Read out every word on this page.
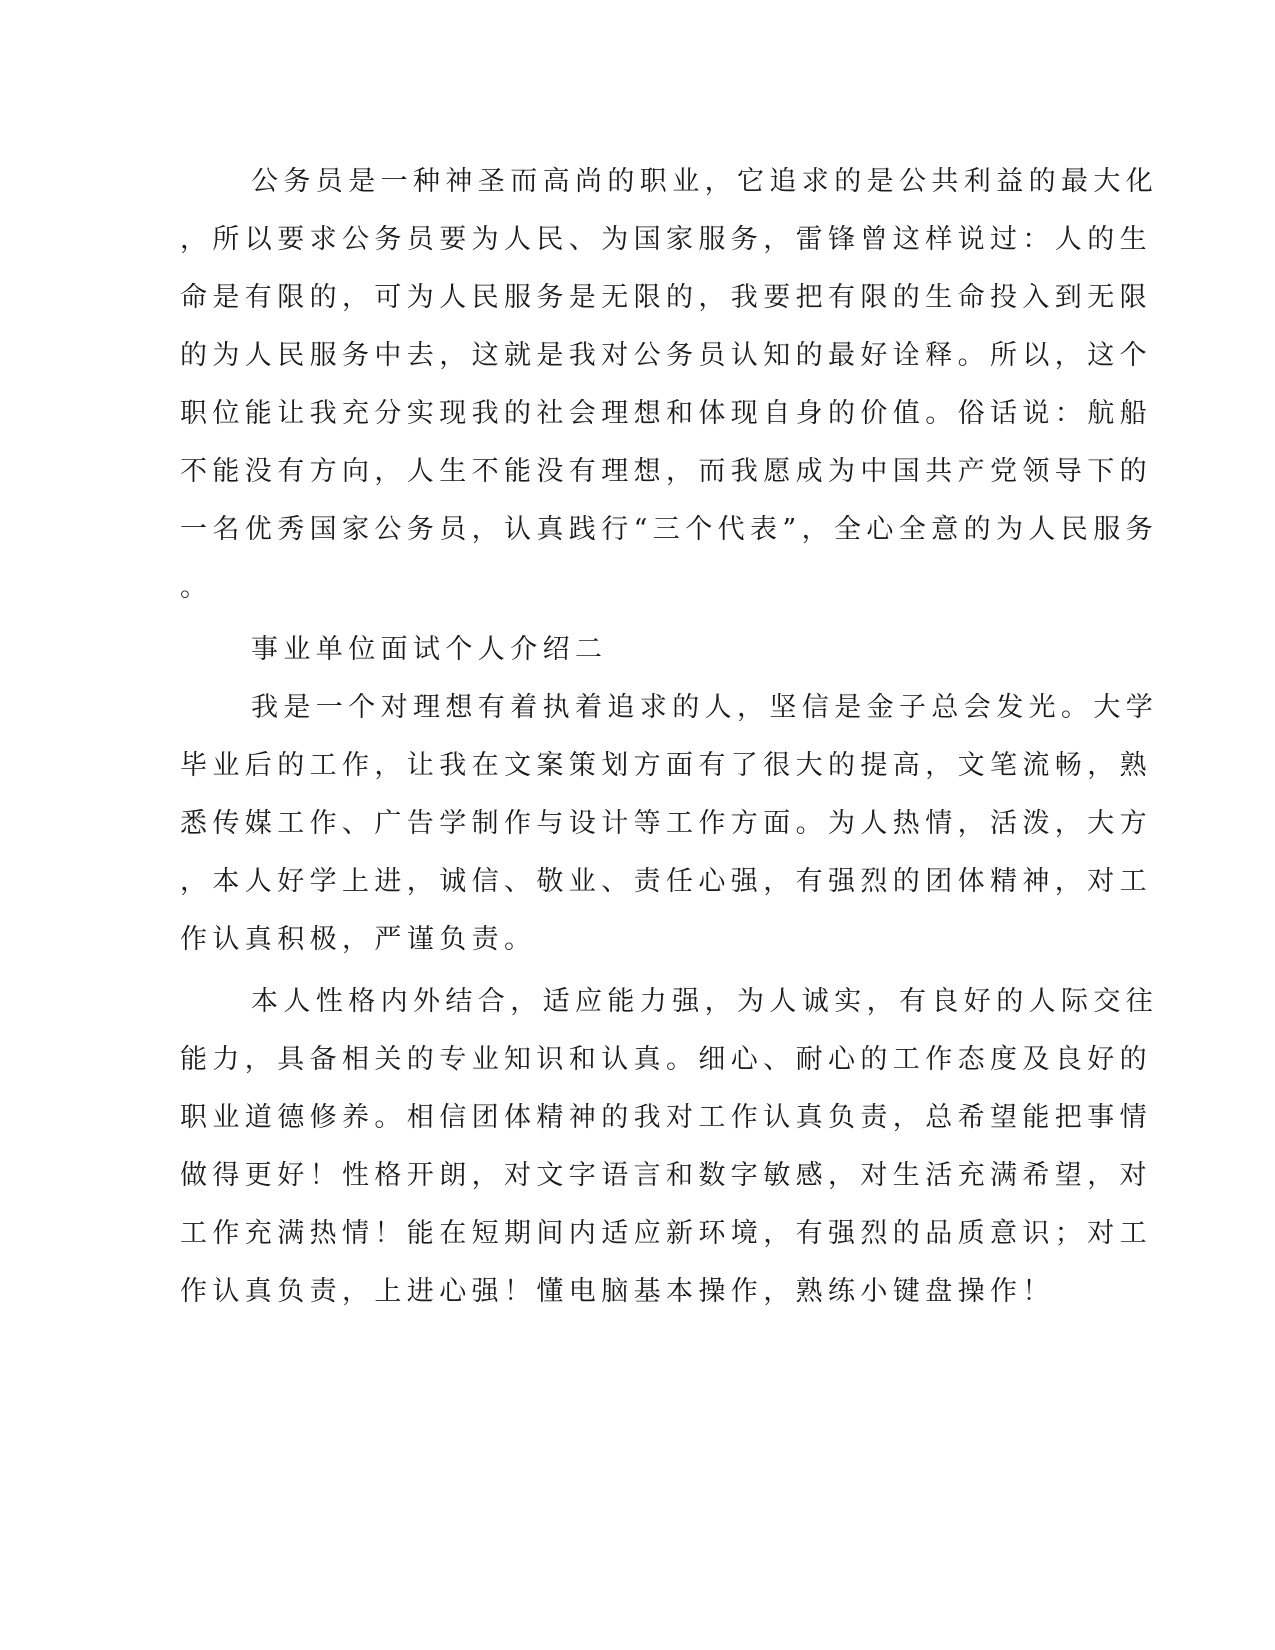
公务员是一种神圣而高尚的职业，它追求的是公共利益的最大化
，所以要求公务员要为人民、为国家服务，雷锋曾这样说过：人的生
命是有限的，可为人民服务是无限的，我要把有限的生命投入到无限
的为人民服务中去，这就是我对公务员认知的最好诠释。所以，这个
职位能让我充分实现我的社会理想和体现自身的价值。俗话说：航船
不能没有方向，人生不能没有理想，而我愿成为中国共产党领导下的
一名优秀国家公务员，认真践行“三个代表”，全心全意的为人民服务
。
事业单位面试个人介绍二
我是一个对理想有着执着追求的人，坚信是金子总会发光。大学
毕业后的工作，让我在文案策划方面有了很大的提高，文笔流畅，熟
悉传媒工作、广告学制作与设计等工作方面。为人热情，活泼，大方
，本人好学上进，诚信、敬业、责任心强，有强烈的团体精神，对工
作认真积极，严谨负责。
本人性格内外结合，适应能力强，为人诚实，有良好的人际交往
能力，具备相关的专业知识和认真。细心、耐心的工作态度及良好的
职业道德修养。相信团体精神的我对工作认真负责，总希望能把事情
做得更好！性格开朗，对文字语言和数字敏感，对生活充满希望，对
工作充满热情！能在短期间内适应新环境，有强烈的品质意识；对工
作认真负责，上进心强！懂电脑基本操作，熟练小键盘操作！
